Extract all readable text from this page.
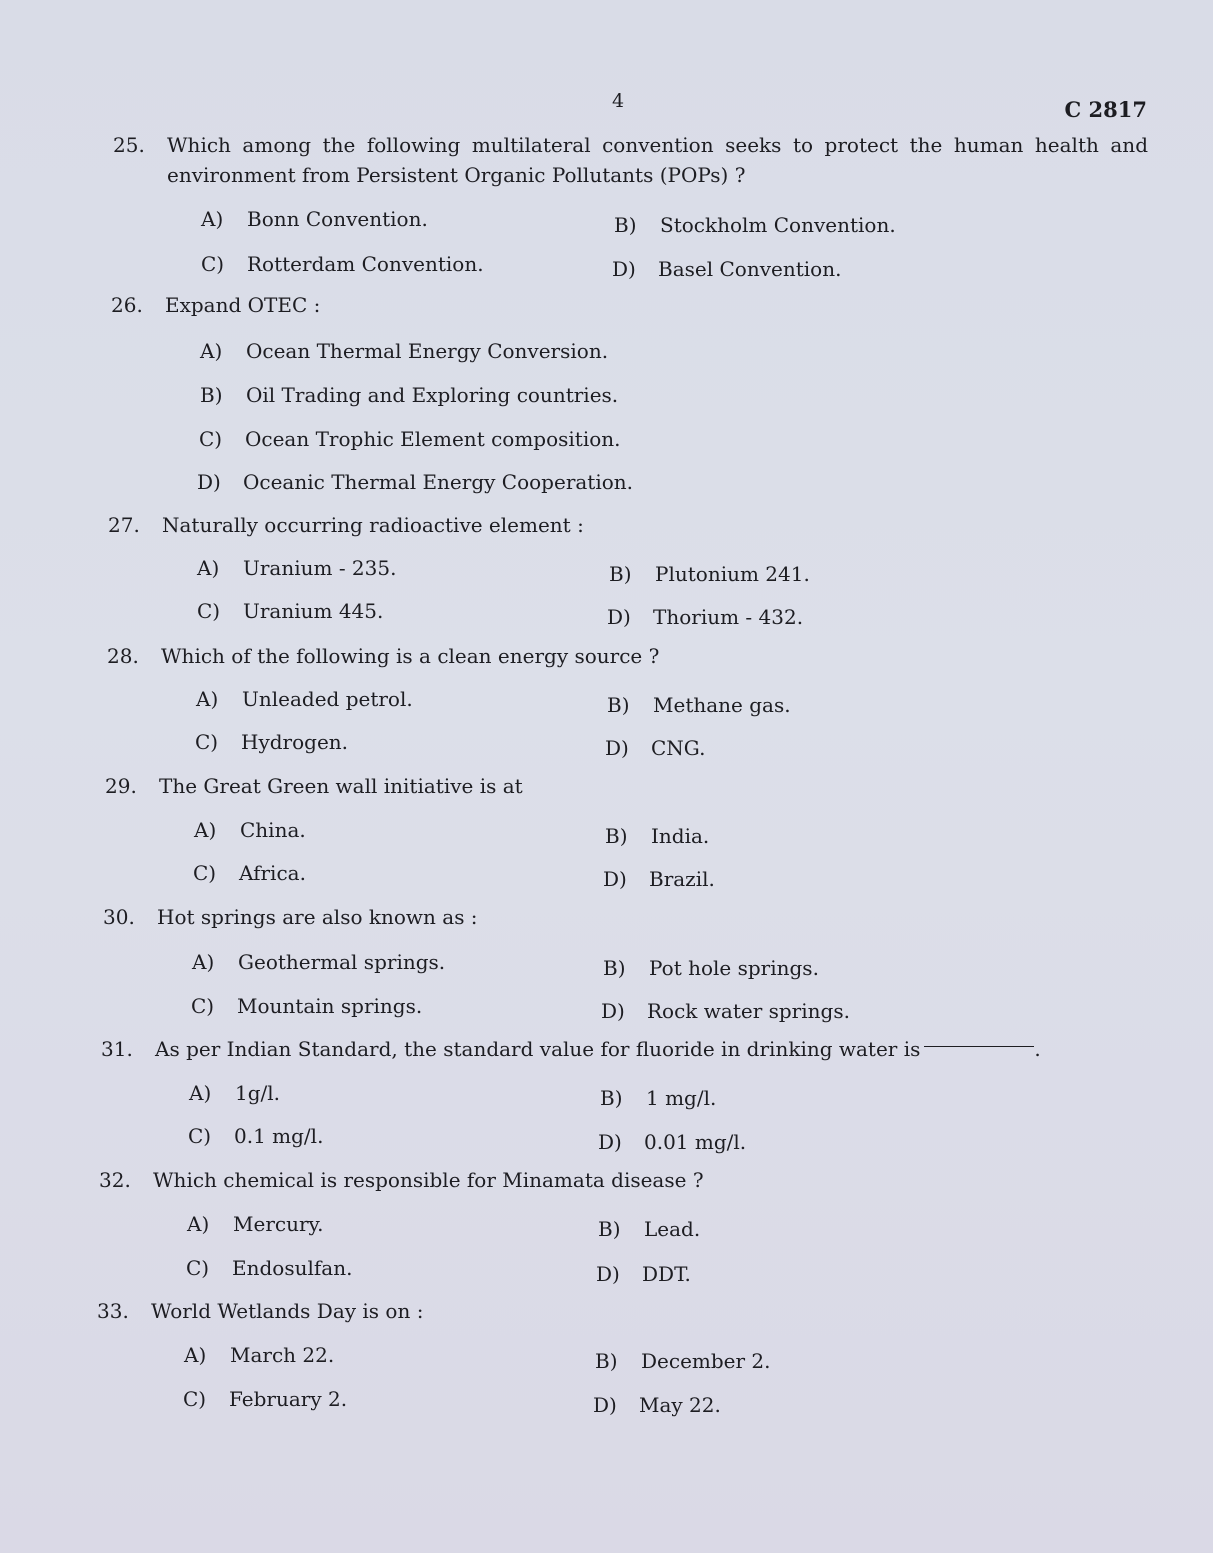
4	C 2817
25. Which among the following multilateral convention seeks to protect the human health and environment from Persistent Organic Pollutants (POPs) ?
A) Bonn Convention.	B) Stockholm Convention.
C) Rotterdam Convention.	D) Basel Convention.
26. Expand OTEC :
A) Ocean Thermal Energy Conversion.
B) Oil Trading and Exploring countries.
C) Ocean Trophic Element composition.
D) Oceanic Thermal Energy Cooperation.
27. Naturally occurring radioactive element :
A) Uranium - 235.	B) Plutonium 241.
C) Uranium 445.	D) Thorium - 432.
28. Which of the following is a clean energy source ?
A) Unleaded petrol.	B) Methane gas.
C) Hydrogen.	D) CNG.
29. The Great Green wall initiative is at
A) China.	B) India.
C) Africa.	D) Brazil.
30. Hot springs are also known as :
A) Geothermal springs.	B) Pot hole springs.
C) Mountain springs.	D) Rock water springs.
31. As per Indian Standard, the standard value for fluoride in drinking water is	.
A) 1g/l.	B) 1 mg/l.
C) 0.1 mg/l.	D) 0.01 mg/l.
32. Which chemical is responsible for Minamata disease ?
A) Mercury.	B) Lead.
C) Endosulfan.	D) DDT.
33. World Wetlands Day is on :
A) March 22.	B) December 2.
C) February 2.	D) May 22.
